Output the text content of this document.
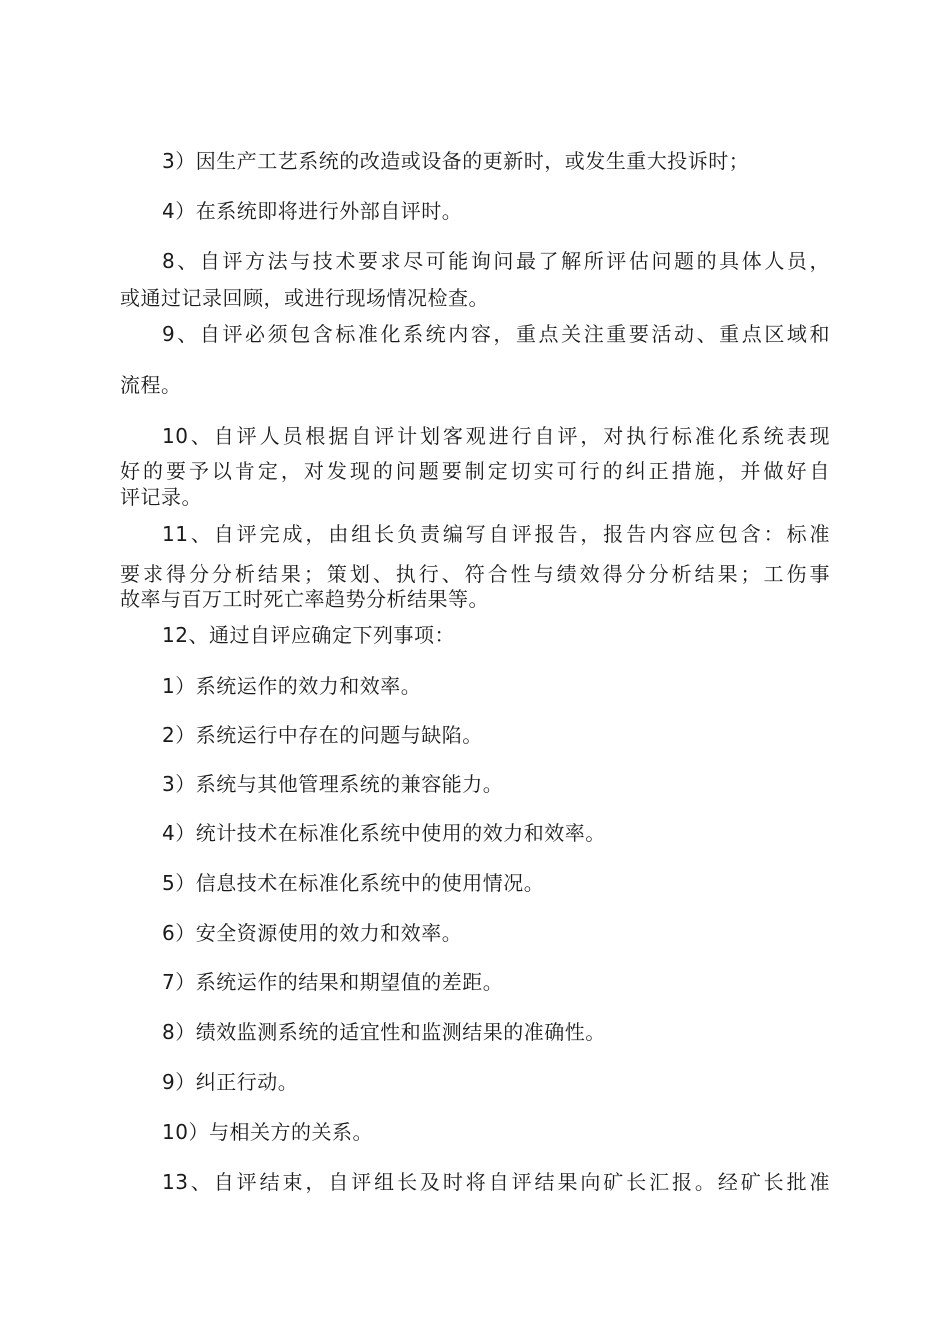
3）因生产工艺系统的改造或设备的更新时，或发生重大投诉时；
4）在系统即将进行外部自评时。
8、自评方法与技术要求尽可能询问最了解所评估问题的具体人员，
或通过记录回顾，或进行现场情况检查。
9、自评必须包含标准化系统内容，重点关注重要活动、重点区域和
流程。
10、自评人员根据自评计划客观进行自评，对执行标准化系统表现
好的要予以肯定，对发现的问题要制定切实可行的纠正措施，并做好自
评记录。
11、自评完成，由组长负责编写自评报告，报告内容应包含：标准
要求得分分析结果；策划、执行、符合性与绩效得分分析结果；工伤事
故率与百万工时死亡率趋势分析结果等。
12、通过自评应确定下列事项：
1）系统运作的效力和效率。
2）系统运行中存在的问题与缺陷。
3）系统与其他管理系统的兼容能力。
4）统计技术在标准化系统中使用的效力和效率。
5）信息技术在标准化系统中的使用情况。
6）安全资源使用的效力和效率。
7）系统运作的结果和期望值的差距。
8）绩效监测系统的适宜性和监测结果的准确性。
9）纠正行动。
10）与相关方的关系。
13、自评结束，自评组长及时将自评结果向矿长汇报。经矿长批准
